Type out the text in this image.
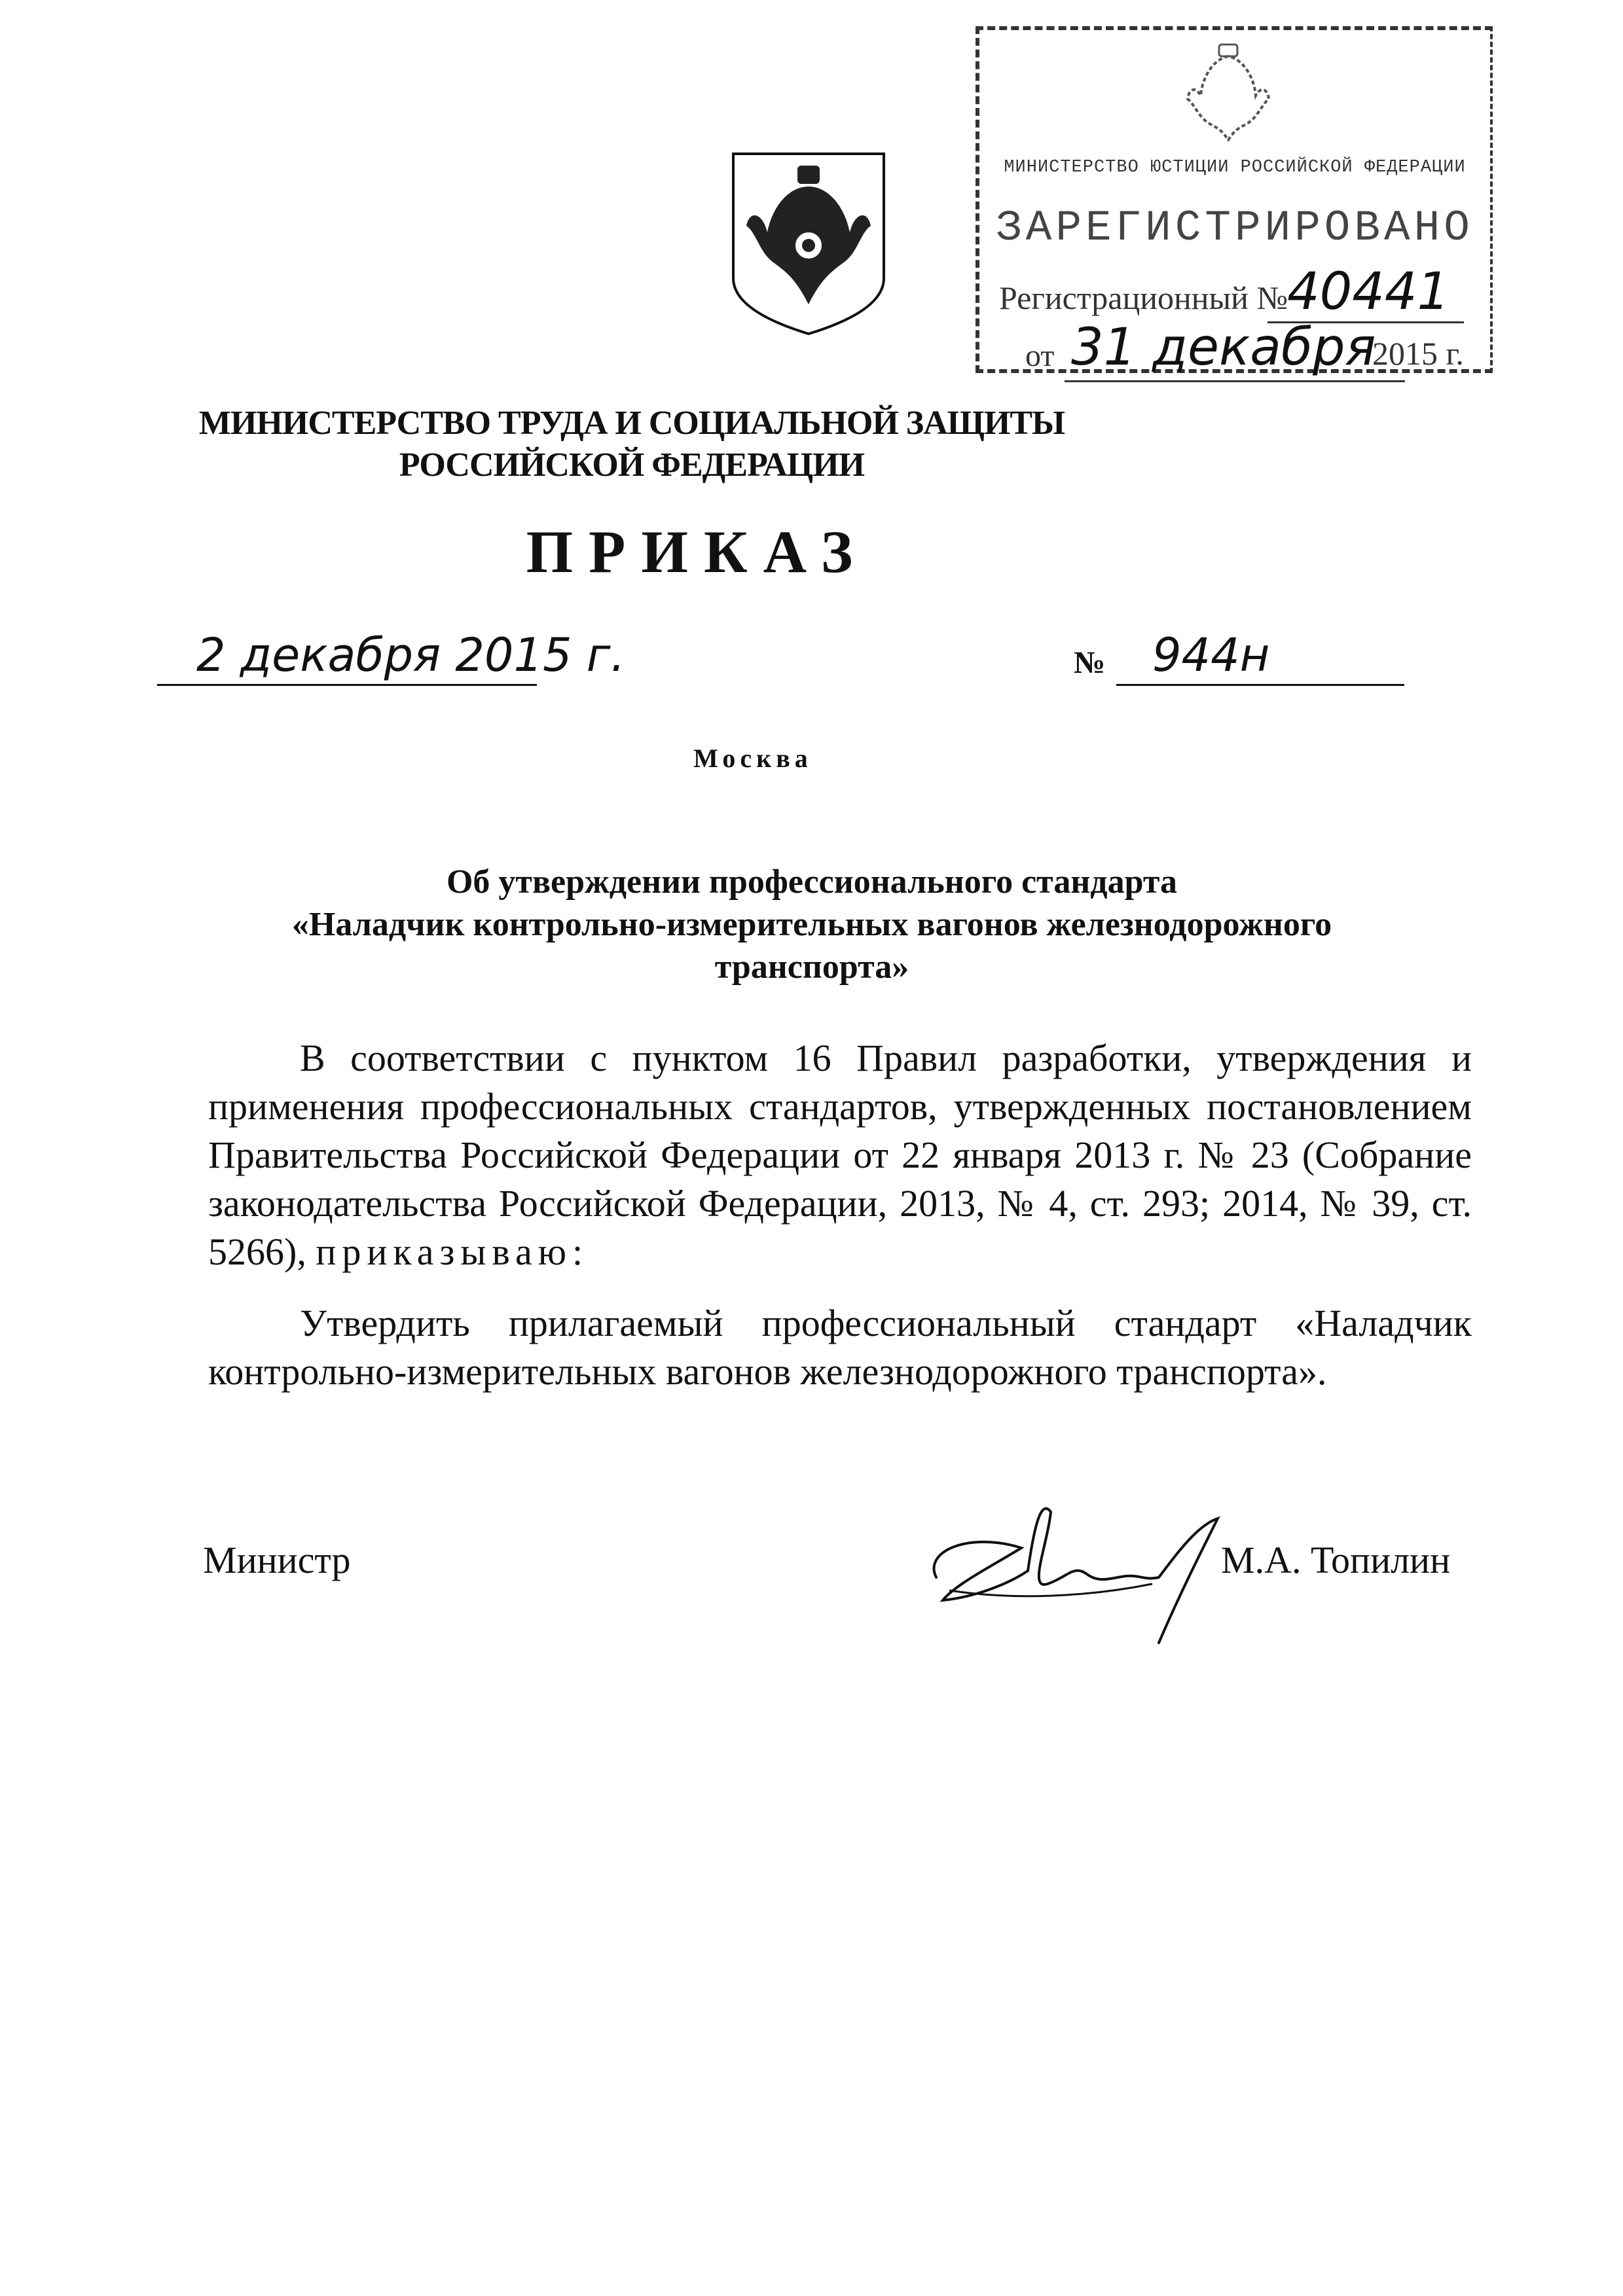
МИНИСТЕРСТВО ЮСТИЦИИ РОССИЙСКОЙ ФЕДЕРАЦИИ
ЗАРЕГИСТРИРОВАНО
Регистрационный №
40441
от 31 декабря
2015 г.
МИНИСТЕРСТВО ТРУДА И СОЦИАЛЬНОЙ ЗАЩИТЫ
РОССИЙСКОЙ ФЕДЕРАЦИИ
ПРИКАЗ
2 декабря 2015 г.	№ 944н
Москва
Об утверждении профессионального стандарта
«Наладчик контрольно-измерительных вагонов железнодорожного
транспорта»

В соответствии с пунктом 16 Правил разработки, утверждения и применения профессиональных стандартов, утвержденных постановлением Правительства Российской Федерации от 22 января 2013 г. № 23 (Собрание законодательства Российской Федерации, 2013, № 4, ст. 293; 2014, № 39, ст. 5266), приказываю:

Утвердить прилагаемый профессиональный стандарт «Наладчик контрольно-измерительных вагонов железнодорожного транспорта».

Министр	М.А. Топилин
